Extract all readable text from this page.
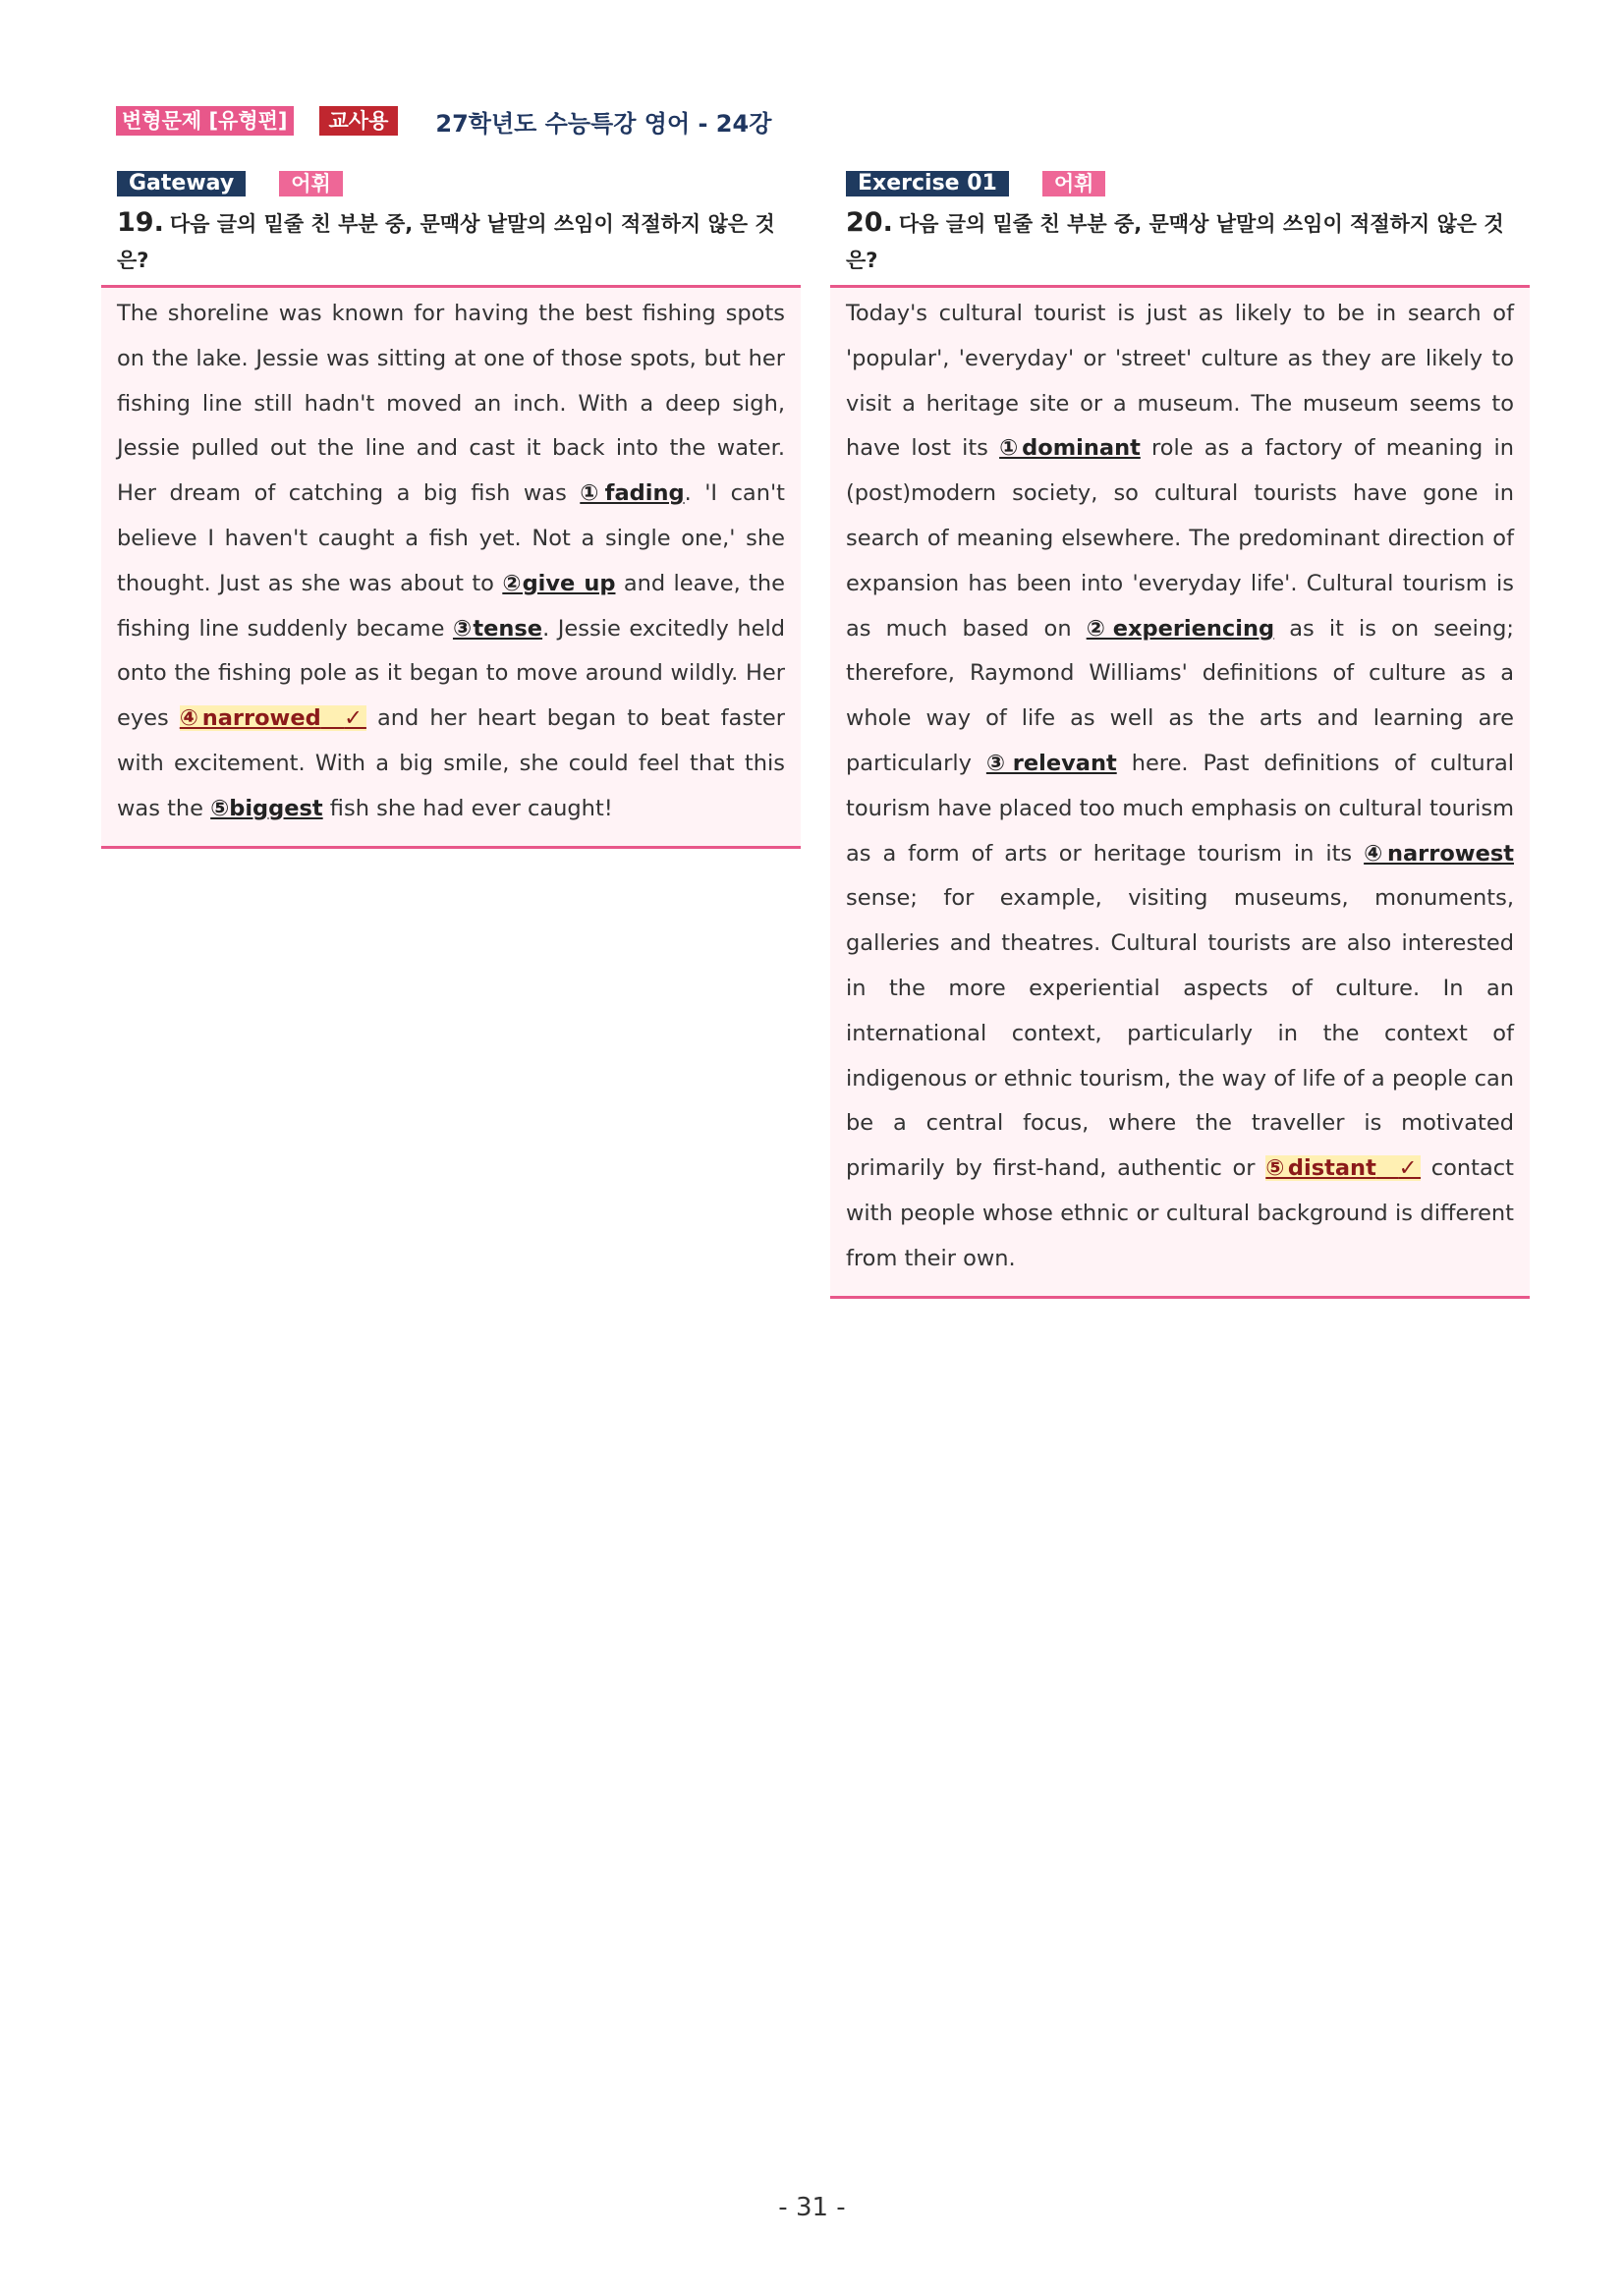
변형문제 [유형편]	교사용	27학년도 수능특강 영어 - 24강
Gateway	어휘
19. 다음 글의 밑줄 친 부분 중, 문맥상 낱말의 쓰임이 적절하지 않은 것은?
The shoreline was known for having the best fishing spots on the lake. Jessie was sitting at one of those spots, but her fishing line still hadn't moved an inch. With a deep sigh, Jessie pulled out the line and cast it back into the water. Her dream of catching a big fish was ①fading. 'I can't believe I haven't caught a fish yet. Not a single one,' she thought. Just as she was about to ②give up and leave, the fishing line suddenly became ③tense. Jessie excitedly held onto the fishing pole as it began to move around wildly. Her eyes ④narrowed ✓ and her heart began to beat faster with excitement. With a big smile, she could feel that this was the ⑤biggest fish she had ever caught!
Exercise 01	어휘
20. 다음 글의 밑줄 친 부분 중, 문맥상 낱말의 쓰임이 적절하지 않은 것은?
Today's cultural tourist is just as likely to be in search of 'popular', 'everyday' or 'street' culture as they are likely to visit a heritage site or a museum. The museum seems to have lost its ①dominant role as a factory of meaning in (post)modern society, so cultural tourists have gone in search of meaning elsewhere. The predominant direction of expansion has been into 'everyday life'. Cultural tourism is as much based on ②experiencing as it is on seeing; therefore, Raymond Williams' definitions of culture as a whole way of life as well as the arts and learning are particularly ③relevant here. Past definitions of cultural tourism have placed too much emphasis on cultural tourism as a form of arts or heritage tourism in its ④narrowest sense; for example, visiting museums, monuments, galleries and theatres. Cultural tourists are also interested in the more experiential aspects of culture. In an international context, particularly in the context of indigenous or ethnic tourism, the way of life of a people can be a central focus, where the traveller is motivated primarily by first-hand, authentic or ⑤distant ✓ contact with people whose ethnic or cultural background is different from their own.
- 31 -
